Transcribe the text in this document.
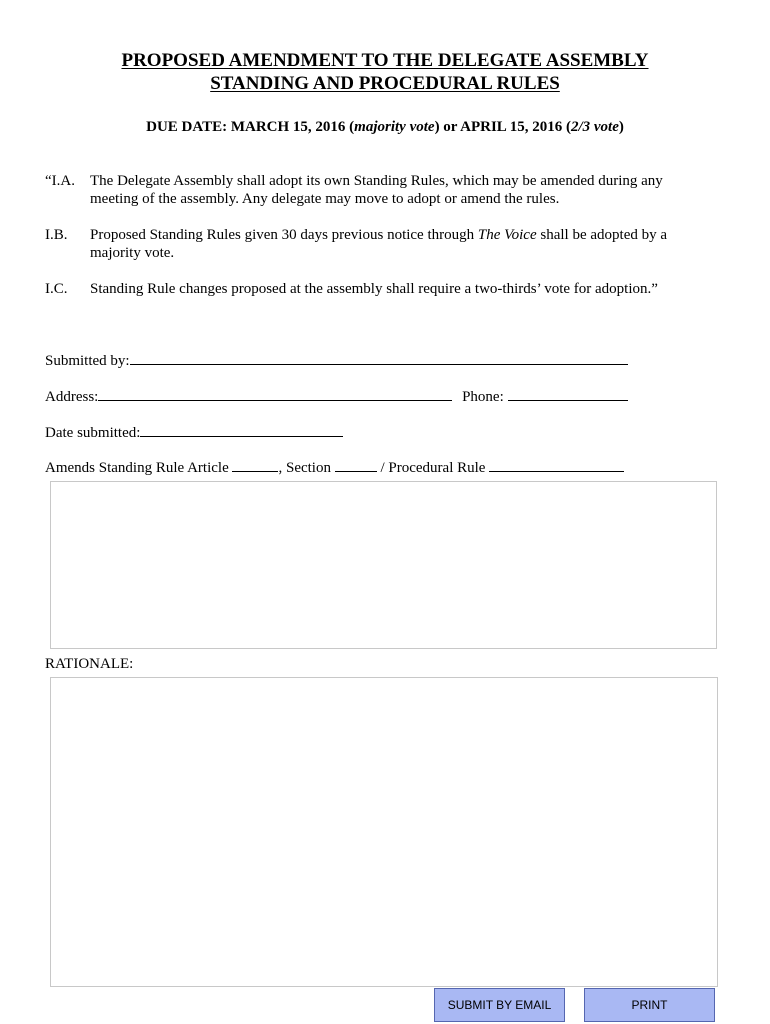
PROPOSED AMENDMENT TO THE DELEGATE ASSEMBLY
STANDING AND PROCEDURAL RULES
DUE DATE: MARCH 15, 2016 (majority vote) or APRIL 15, 2016 (2/3 vote)
“I.A. The Delegate Assembly shall adopt its own Standing Rules, which may be amended during any meeting of the assembly. Any delegate may move to adopt or amend the rules.
I.B. Proposed Standing Rules given 30 days previous notice through The Voice shall be adopted by a majority vote.
I.C. Standing Rule changes proposed at the assembly shall require a two-thirds’ vote for adoption.”
Submitted by:
Address:	Phone:
Date submitted:
Amends Standing Rule Article	, Section	/ Procedural Rule
RATIONALE:
SUBMIT BY EMAIL	PRINT
